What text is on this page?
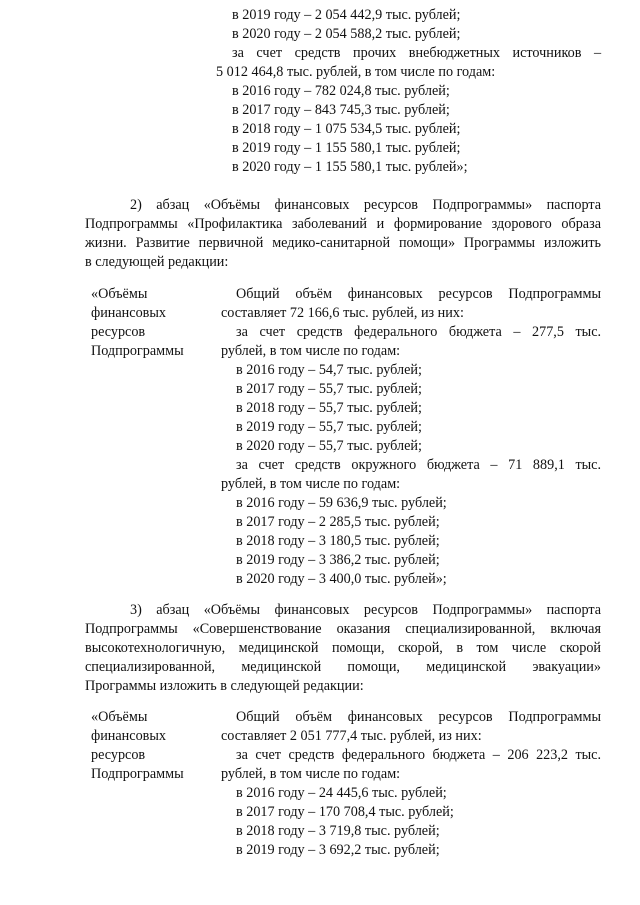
в 2019 году – 2 054 442,9 тыс. рублей;
в 2020 году – 2 054 588,2 тыс. рублей;
за счет средств прочих внебюджетных источников –
5 012 464,8 тыс. рублей, в том числе по годам:
в 2016 году – 782 024,8 тыс. рублей;
в 2017 году – 843 745,3 тыс. рублей;
в 2018 году – 1 075 534,5 тыс. рублей;
в 2019 году – 1 155 580,1 тыс. рублей;
в 2020 году – 1 155 580,1 тыс. рублей»;
2) абзац «Объёмы финансовых ресурсов Подпрограммы» паспорта
Подпрограммы «Профилактика заболеваний и формирование здорового образа
жизни. Развитие первичной медико-санитарной помощи» Программы изложить
в следующей редакции:
«Объёмы
финансовых
ресурсов
Подпрограммы
Общий объём финансовых ресурсов Подпрограммы
составляет 72 166,6 тыс. рублей, из них:
за счет средств федерального бюджета – 277,5 тыс.
рублей, в том числе по годам:
в 2016 году – 54,7 тыс. рублей;
в 2017 году – 55,7 тыс. рублей;
в 2018 году – 55,7 тыс. рублей;
в 2019 году – 55,7 тыс. рублей;
в 2020 году – 55,7 тыс. рублей;
за счет средств окружного бюджета – 71 889,1 тыс.
рублей, в том числе по годам:
в 2016 году – 59 636,9 тыс. рублей;
в 2017 году – 2 285,5 тыс. рублей;
в 2018 году – 3 180,5 тыс. рублей;
в 2019 году – 3 386,2 тыс. рублей;
в 2020 году – 3 400,0 тыс. рублей»;
3) абзац «Объёмы финансовых ресурсов Подпрограммы» паспорта
Подпрограммы «Совершенствование оказания специализированной, включая
высокотехнологичную, медицинской помощи, скорой, в том числе скорой
специализированной, медицинской помощи, медицинской эвакуации»
Программы изложить в следующей редакции:
«Объёмы
финансовых
ресурсов
Подпрограммы
Общий объём финансовых ресурсов Подпрограммы
составляет 2 051 777,4 тыс. рублей, из них:
за счет средств федерального бюджета – 206 223,2 тыс.
рублей, в том числе по годам:
в 2016 году – 24 445,6 тыс. рублей;
в 2017 году – 170 708,4 тыс. рублей;
в 2018 году – 3 719,8 тыс. рублей;
в 2019 году – 3 692,2 тыс. рублей;
